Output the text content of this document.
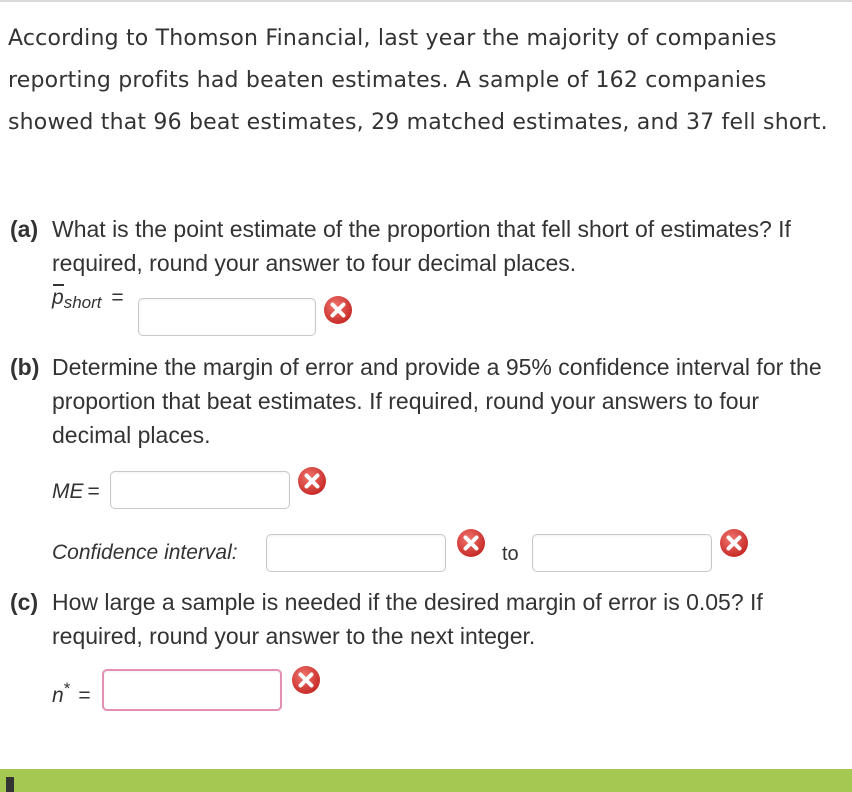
According to Thomson Financial, last year the majority of companies reporting profits had beaten estimates. A sample of 162 companies showed that 96 beat estimates, 29 matched estimates, and 37 fell short.
(a) What is the point estimate of the proportion that fell short of estimates? If required, round your answer to four decimal places.
pshort =
(b) Determine the margin of error and provide a 95% confidence interval for the proportion that beat estimates. If required, round your answers to four decimal places.
ME =
Confidence interval:	to
(c) How large a sample is needed if the desired margin of error is 0.05? If required, round your answer to the next integer.
n* =
